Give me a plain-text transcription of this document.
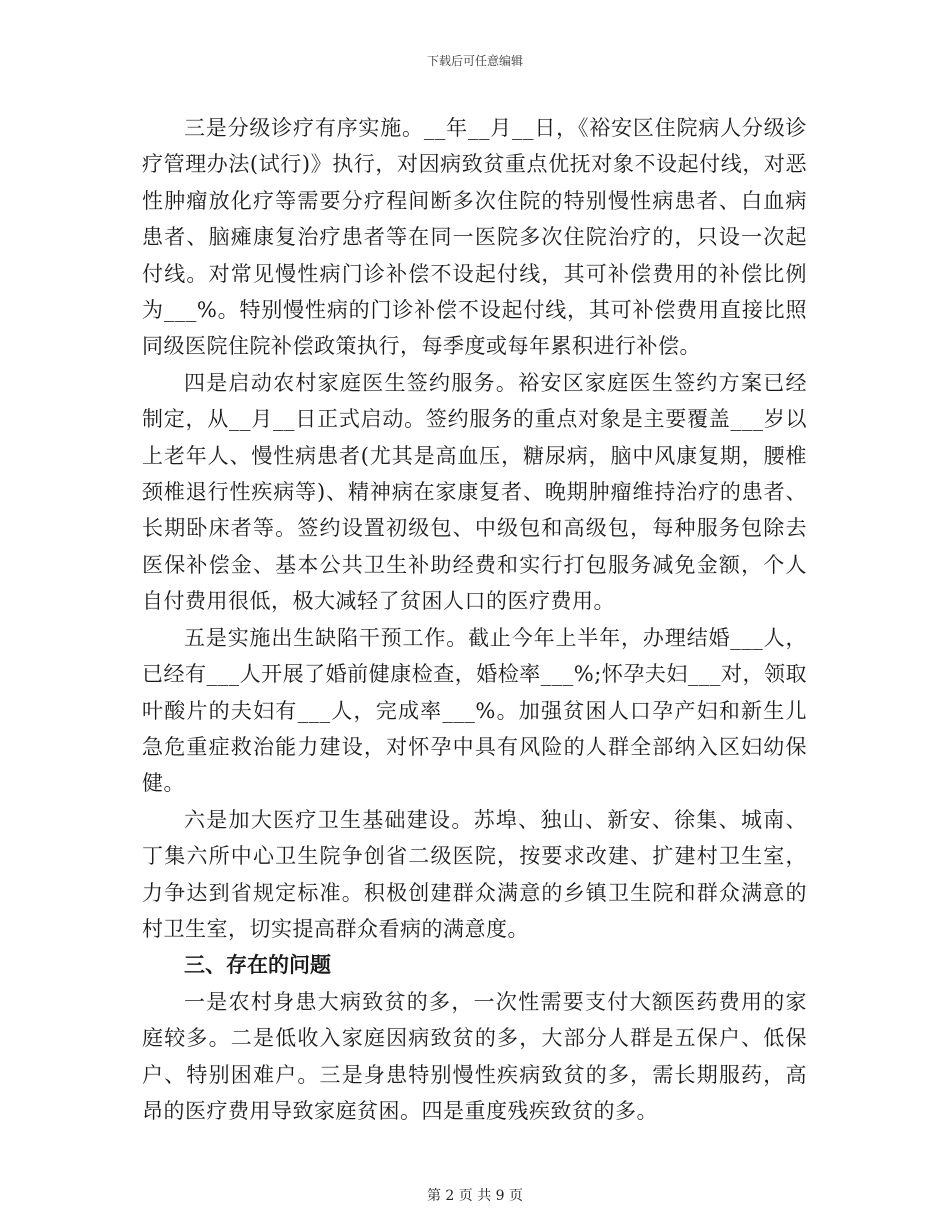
下载后可任意编辑

三是分级诊疗有序实施。__年__月__日，《裕安区住院病人分级诊疗管理办法(试行)》执行，对因病致贫重点优抚对象不设起付线，对恶性肿瘤放化疗等需要分疗程间断多次住院的特别慢性病患者、白血病患者、脑瘫康复治疗患者等在同一医院多次住院治疗的，只设一次起付线。对常见慢性病门诊补偿不设起付线，其可补偿费用的补偿比例为___%。特别慢性病的门诊补偿不设起付线，其可补偿费用直接比照同级医院住院补偿政策执行，每季度或每年累积进行补偿。

四是启动农村家庭医生签约服务。裕安区家庭医生签约方案已经制定，从__月__日正式启动。签约服务的重点对象是主要覆盖___岁以上老年人、慢性病患者(尤其是高血压，糖尿病，脑中风康复期，腰椎颈椎退行性疾病等)、精神病在家康复者、晚期肿瘤维持治疗的患者、长期卧床者等。签约设置初级包、中级包和高级包，每种服务包除去医保补偿金、基本公共卫生补助经费和实行打包服务减免金额，个人自付费用很低，极大减轻了贫困人口的医疗费用。

五是实施出生缺陷干预工作。截止今年上半年，办理结婚___人，已经有___人开展了婚前健康检查，婚检率___%;怀孕夫妇___对，领取叶酸片的夫妇有___人，完成率___%。加强贫困人口孕产妇和新生儿急危重症救治能力建设，对怀孕中具有风险的人群全部纳入区妇幼保健。

六是加大医疗卫生基础建设。苏埠、独山、新安、徐集、城南、丁集六所中心卫生院争创省二级医院，按要求改建、扩建村卫生室，力争达到省规定标准。积极创建群众满意的乡镇卫生院和群众满意的村卫生室，切实提高群众看病的满意度。

三、存在的问题

一是农村身患大病致贫的多，一次性需要支付大额医药费用的家庭较多。二是低收入家庭因病致贫的多，大部分人群是五保户、低保户、特别困难户。三是身患特别慢性疾病致贫的多，需长期服药，高昂的医疗费用导致家庭贫困。四是重度残疾致贫的多。

第 2 页 共 9 页
